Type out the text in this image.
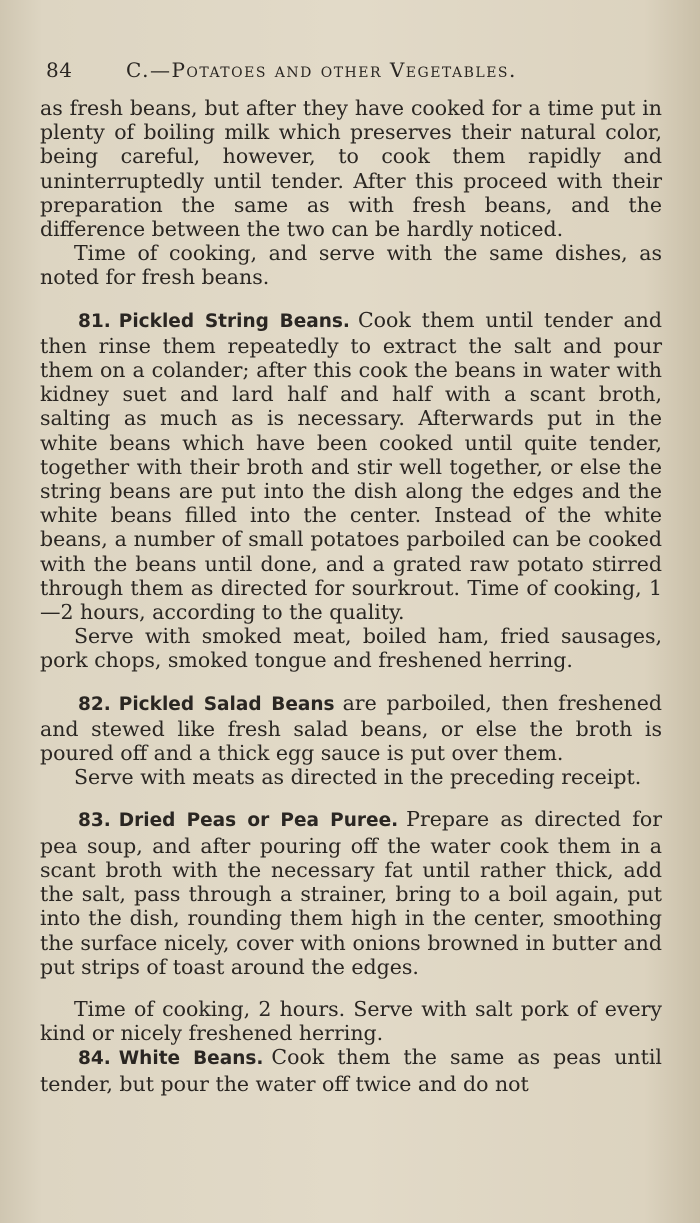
84	C.—Potatoes and other Vegetables.

as fresh beans, but after they have cooked for a time put in plenty of boiling milk which preserves their natural color, being careful, however, to cook them rapidly and uninterruptedly until tender. After this proceed with their preparation the same as with fresh beans, and the difference between the two can be hardly noticed.

Time of cooking, and serve with the same dishes, as noted for fresh beans.

81. Pickled String Beans. Cook them until tender and then rinse them repeatedly to extract the salt and pour them on a colander; after this cook the beans in water with kidney suet and lard half and half with a scant broth, salting as much as is necessary. Afterwards put in the white beans which have been cooked until quite tender, together with their broth and stir well together, or else the string beans are put into the dish along the edges and the white beans filled into the center. Instead of the white beans, a number of small potatoes parboiled can be cooked with the beans until done, and a grated raw potato stirred through them as directed for sourkrout. Time of cooking, 1—2 hours, according to the quality.

Serve with smoked meat, boiled ham, fried sausages, pork chops, smoked tongue and freshened herring.

82. Pickled Salad Beans are parboiled, then freshened and stewed like fresh salad beans, or else the broth is poured off and a thick egg sauce is put over them.

Serve with meats as directed in the preceding receipt.

83. Dried Peas or Pea Puree. Prepare as directed for pea soup, and after pouring off the water cook them in a scant broth with the necessary fat until rather thick, add the salt, pass through a strainer, bring to a boil again, put into the dish, rounding them high in the center, smoothing the surface nicely, cover with onions browned in butter and put strips of toast around the edges.

Time of cooking, 2 hours. Serve with salt pork of every kind or nicely freshened herring.

84. White Beans. Cook them the same as peas until tender, but pour the water off twice and do not
